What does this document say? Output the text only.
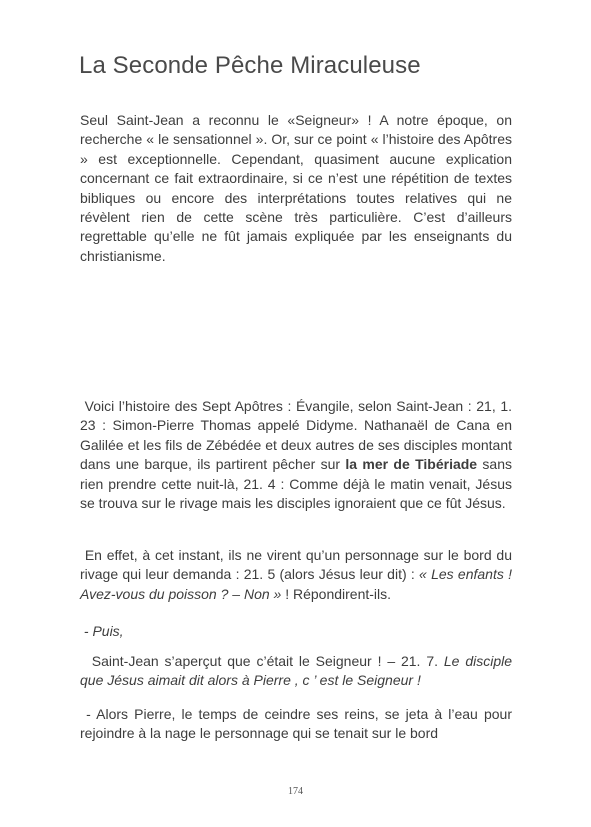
La Seconde Pêche Miraculeuse

Seul Saint-Jean a reconnu le «Seigneur» ! A notre époque, on recherche « le sensationnel ». Or, sur ce point « l’histoire des Apôtres » est exceptionnelle. Cependant, quasiment aucune explication concernant ce fait extraordinaire, si ce n’est une répétition de textes bibliques ou encore des interprétations toutes relatives qui ne révèlent rien de cette scène très particulière. C’est d’ailleurs regrettable qu’elle ne fût jamais expliquée par les enseignants du christianisme.

Voici l’histoire des Sept Apôtres : Évangile, selon Saint-Jean : 21, 1. 23 : Simon-Pierre Thomas appelé Didyme. Nathanaël de Cana en Galilée et les fils de Zébédée et deux autres de ses disciples montant dans une barque, ils partirent pêcher sur la mer de Tibériade sans rien prendre cette nuit-là, 21. 4 : Comme déjà le matin venait, Jésus se trouva sur le rivage mais les disciples ignoraient que ce fût Jésus.

En effet, à cet instant, ils ne virent qu’un personnage sur le bord du rivage qui leur demanda : 21. 5 (alors Jésus leur dit) : « Les enfants ! Avez-vous du poisson ? – Non » ! Répondirent-ils.

- Puis,

Saint-Jean s’aperçut que c’était le Seigneur ! – 21. 7. Le disciple que Jésus aimait dit alors à Pierre , c ’ est le Seigneur !

- Alors Pierre, le temps de ceindre ses reins, se jeta à l’eau pour rejoindre à la nage le personnage qui se tenait sur le bord

174
